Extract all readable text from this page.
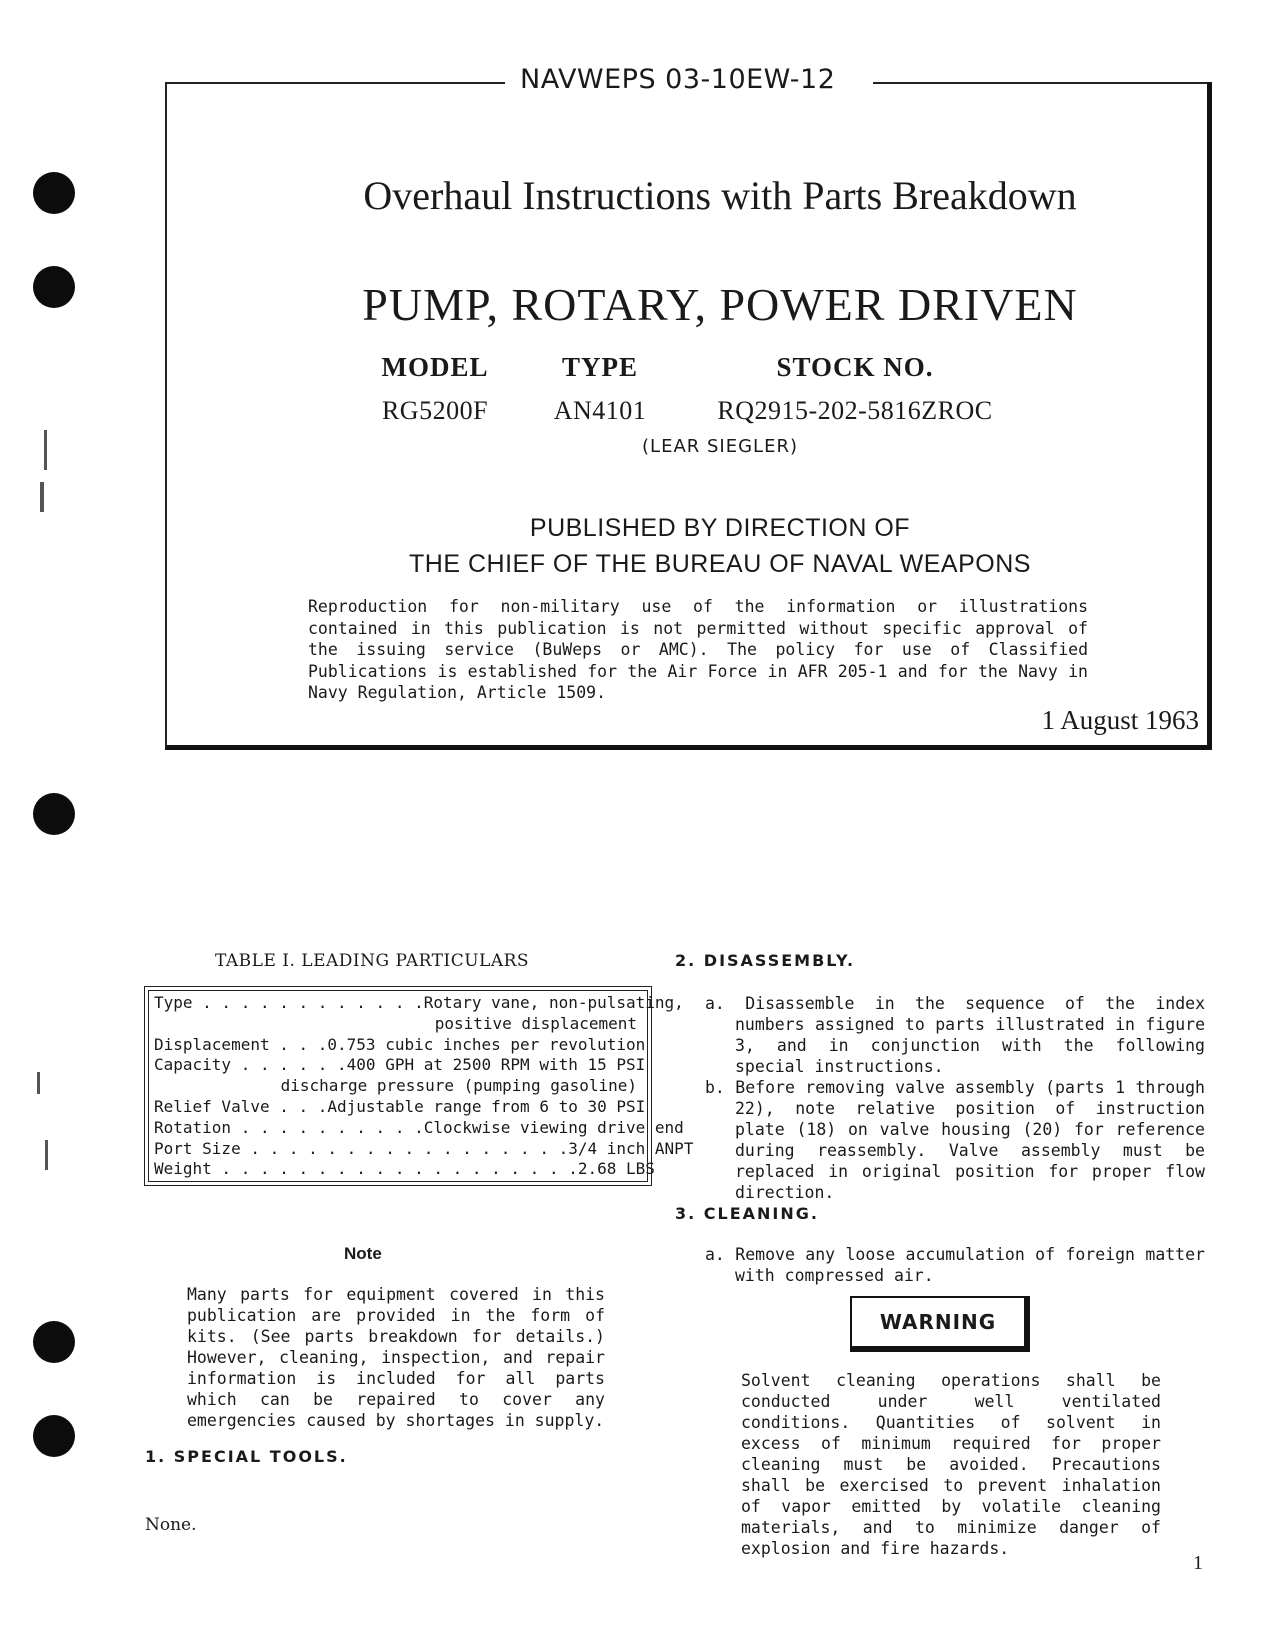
NAVWEPS 03-10EW-12
Overhaul Instructions with Parts Breakdown
PUMP, ROTARY, POWER DRIVEN
MODEL	TYPE	STOCK NO.
RG5200F	AN4101	RQ2915-202-5816ZROC
(LEAR SIEGLER)
PUBLISHED BY DIRECTION OF
THE CHIEF OF THE BUREAU OF NAVAL WEAPONS
Reproduction for non-military use of the information or illustrations contained in this publication is not permitted without specific approval of the issuing service (BuWeps or AMC). The policy for use of Classified Publications is established for the Air Force in AFR 205-1 and for the Navy in Navy Regulation, Article 1509.
1 August 1963
TABLE I. LEADING PARTICULARS
Type . . . . . . . . . . . . Rotary vane, non-pulsating,
positive displacement
Displacement . . . 0.753 cubic inches per revolution
Capacity . . . . . . 400 GPH at 2500 RPM with 15 PSI
discharge pressure (pumping gasoline)
Relief Valve . . . Adjustable range from 6 to 30 PSI
Rotation . . . . . . . . . . Clockwise viewing drive end
Port Size . . . . . . . . . . . . . . . . . 3/4 inch ANPT
Weight . . . . . . . . . . . . . . . . . . . 2.68 LBS
Note
Many parts for equipment covered in this publication are provided in the form of kits. (See parts breakdown for details.) However, cleaning, inspection, and repair information is included for all parts which can be repaired to cover any emergencies caused by shortages in supply.
1. SPECIAL TOOLS.
None.
2. DISASSEMBLY.
a. Disassemble in the sequence of the index numbers assigned to parts illustrated in figure 3, and in conjunction with the following special instructions.
b. Before removing valve assembly (parts 1 through 22), note relative position of instruction plate (18) on valve housing (20) for reference during reassembly. Valve assembly must be replaced in original position for proper flow direction.
3. CLEANING.
a. Remove any loose accumulation of foreign matter with compressed air.
WARNING
Solvent cleaning operations shall be conducted under well ventilated conditions. Quantities of solvent in excess of minimum required for proper cleaning must be avoided. Precautions shall be exercised to prevent inhalation of vapor emitted by volatile cleaning materials, and to minimize danger of explosion and fire hazards.
1
